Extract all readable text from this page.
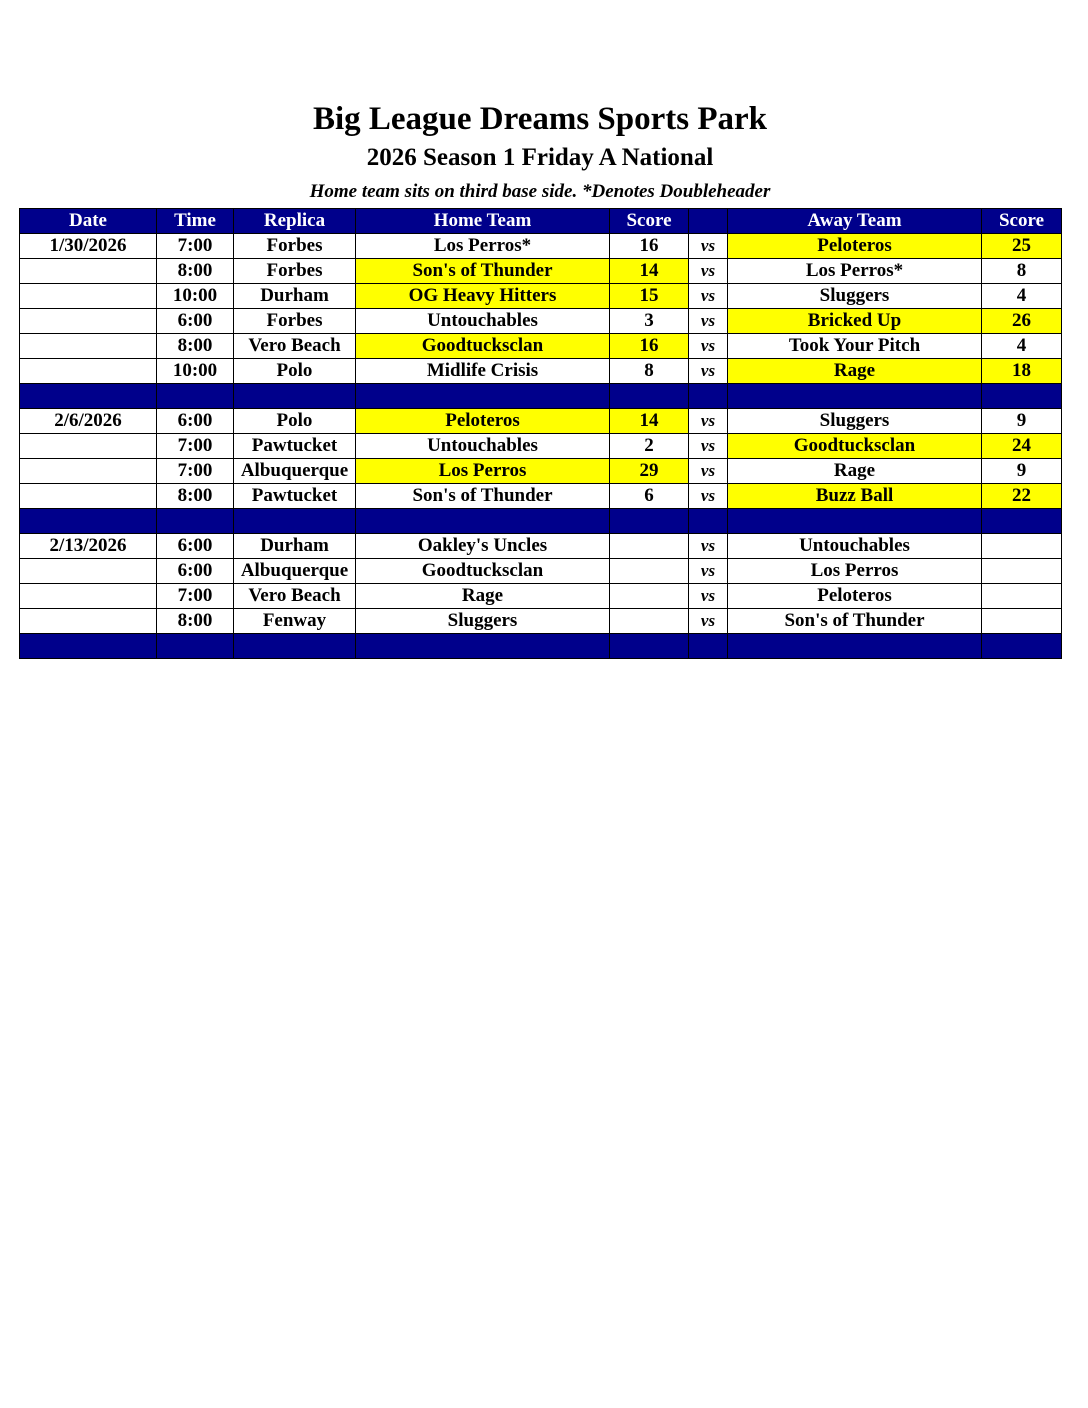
Big League Dreams Sports Park
2026 Season 1 Friday A National
Home team sits on third base side. *Denotes Doubleheader
Date	Time	Replica	Home Team	Score		Away Team	Score
1/30/2026	7:00	Forbes	Los Perros*	16	vs	Peloteros	25
	8:00	Forbes	Son's of Thunder	14	vs	Los Perros*	8
	10:00	Durham	OG Heavy Hitters	15	vs	Sluggers	4
	6:00	Forbes	Untouchables	3	vs	Bricked Up	26
	8:00	Vero Beach	Goodtucksclan	16	vs	Took Your Pitch	4
	10:00	Polo	Midlife Crisis	8	vs	Rage	18

2/6/2026	6:00	Polo	Peloteros	14	vs	Sluggers	9
	7:00	Pawtucket	Untouchables	2	vs	Goodtucksclan	24
	7:00	Albuquerque	Los Perros	29	vs	Rage	9
	8:00	Pawtucket	Son's of Thunder	6	vs	Buzz Ball	22

2/13/2026	6:00	Durham	Oakley's Uncles		vs	Untouchables	
	6:00	Albuquerque	Goodtucksclan		vs	Los Perros	
	7:00	Vero Beach	Rage		vs	Peloteros	
	8:00	Fenway	Sluggers		vs	Son's of Thunder	
